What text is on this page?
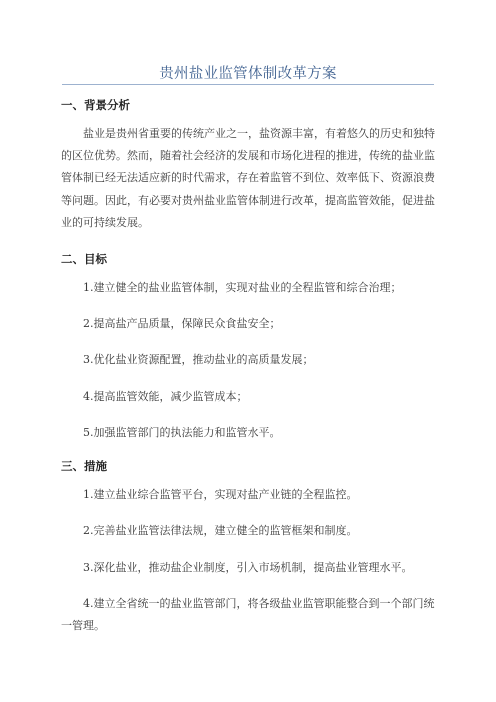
贵州盐业监管体制改革方案
一、背景分析
盐业是贵州省重要的传统产业之一，盐资源丰富，有着悠久的历史和独特的区位优势。然而，随着社会经济的发展和市场化进程的推进，传统的盐业监管体制已经无法适应新的时代需求，存在着监管不到位、效率低下、资源浪费等问题。因此，有必要对贵州盐业监管体制进行改革，提高监管效能，促进盐业的可持续发展。
二、目标
1.建立健全的盐业监管体制，实现对盐业的全程监管和综合治理；
2.提高盐产品质量，保障民众食盐安全；
3.优化盐业资源配置，推动盐业的高质量发展；
4.提高监管效能，减少监管成本；
5.加强监管部门的执法能力和监管水平。
三、措施
1.建立盐业综合监管平台，实现对盐产业链的全程监控。
2.完善盐业监管法律法规，建立健全的监管框架和制度。
3.深化盐业，推动盐企业制度，引入市场机制，提高盐业管理水平。
4.建立全省统一的盐业监管部门，将各级盐业监管职能整合到一个部门统一管理。
